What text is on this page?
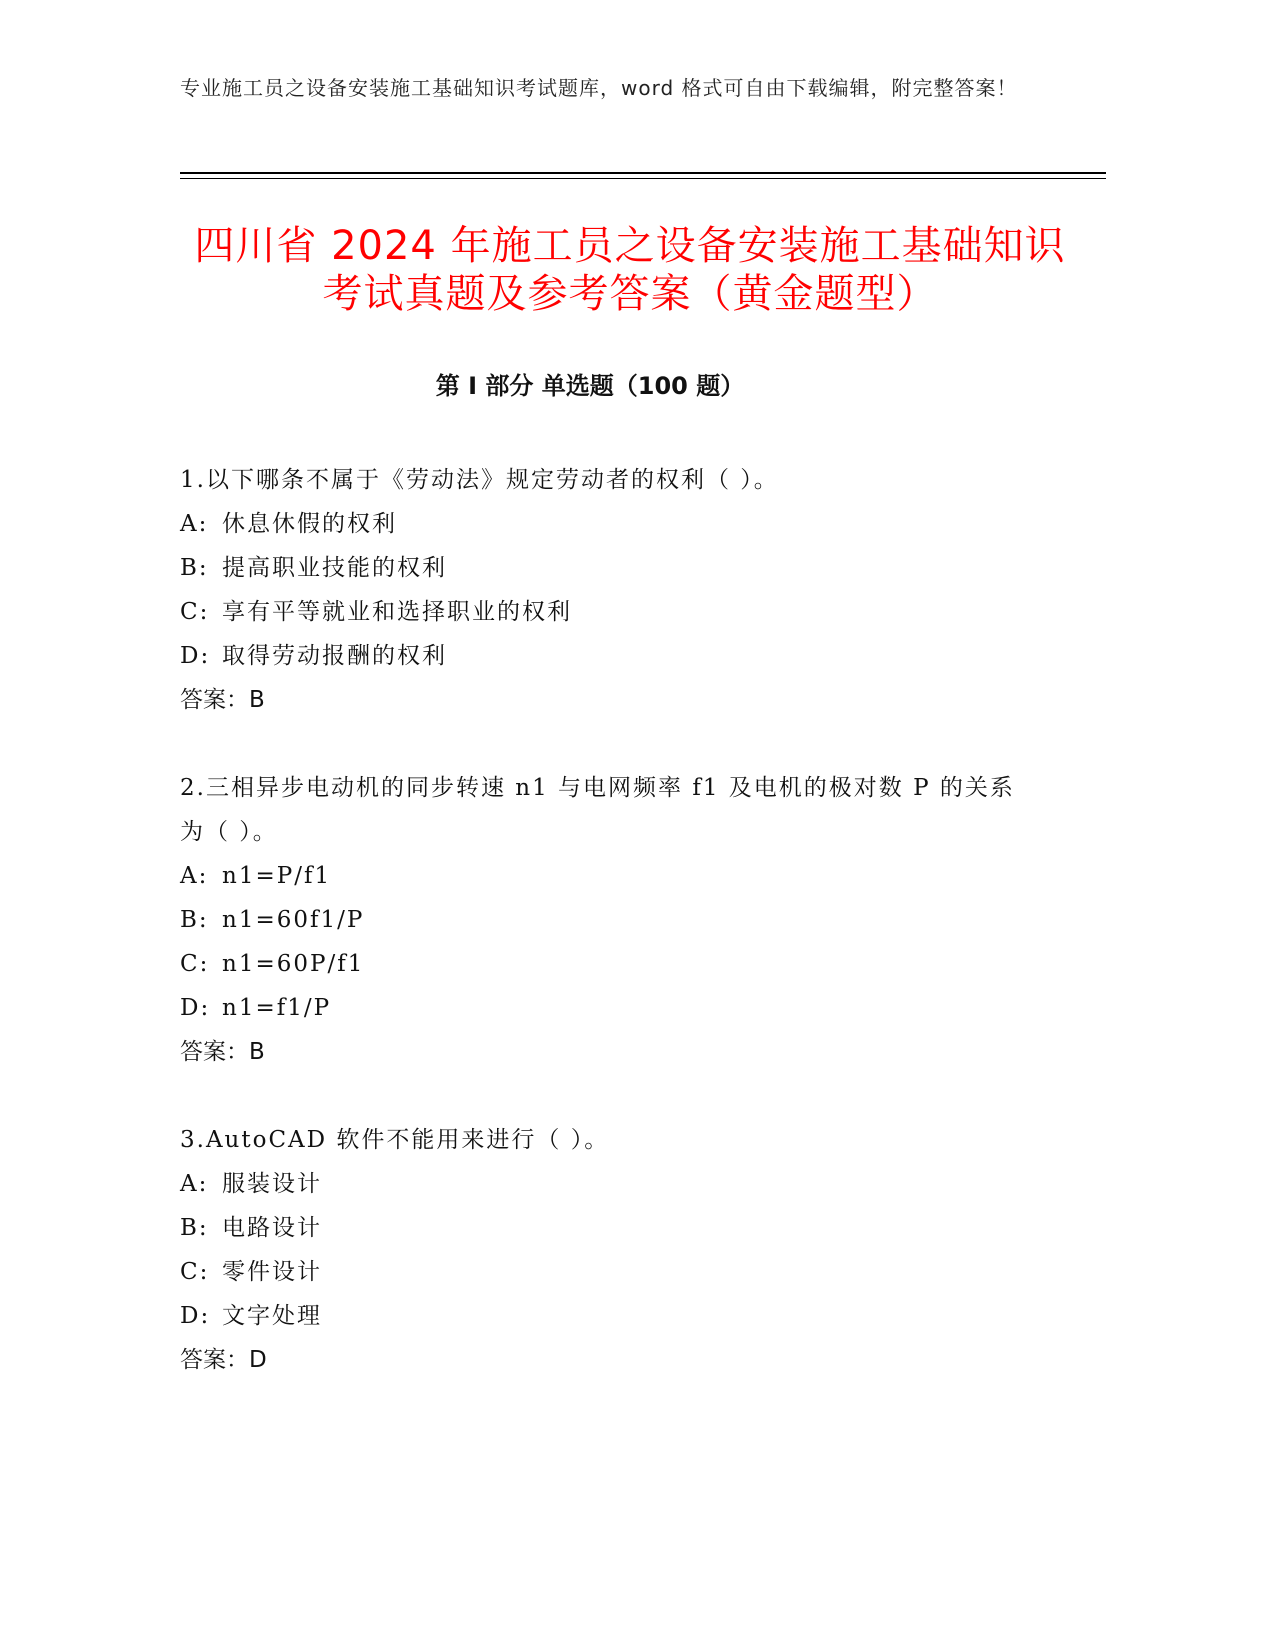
专业施工员之设备安装施工基础知识考试题库，word 格式可自由下载编辑，附完整答案！
四川省 2024 年施工员之设备安装施工基础知识考试真题及参考答案（黄金题型）
第 I 部分 单选题（100 题）

1.以下哪条不属于《劳动法》规定劳动者的权利（ ）。

A: 休息休假的权利

B: 提高职业技能的权利

C: 享有平等就业和选择职业的权利

D: 取得劳动报酬的权利

答案：B

2.三相异步电动机的同步转速 n1 与电网频率 f1 及电机的极对数 P 的关系为（ ）。

A: n1=P/f1

B: n1=60f1/P

C: n1=60P/f1

D: n1=f1/P

答案：B

3.AutoCAD 软件不能用来进行（ ）。

A: 服装设计

B: 电路设计

C: 零件设计

D: 文字处理

答案：D
